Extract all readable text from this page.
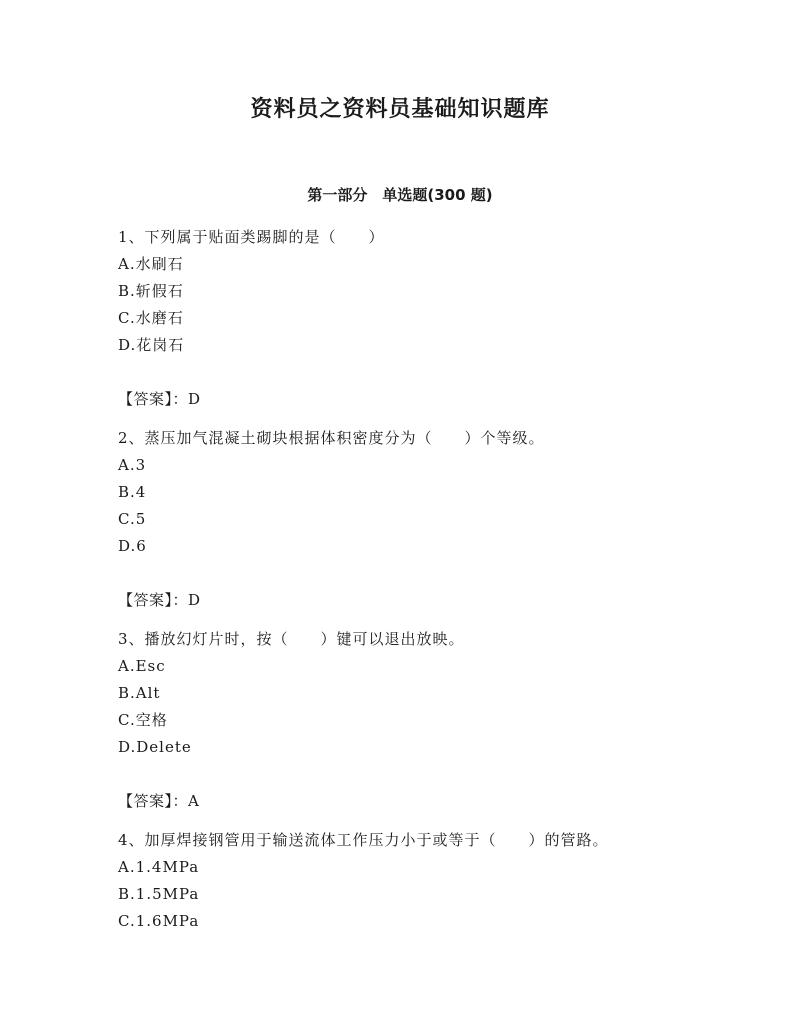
资料员之资料员基础知识题库
第一部分　单选题(300 题)
1、下列属于贴面类踢脚的是（　　）
A.水刷石
B.斩假石
C.水磨石
D.花岗石
【答案】：D
2、蒸压加气混凝土砌块根据体积密度分为（　　）个等级。
A.3
B.4
C.5
D.6
【答案】：D
3、播放幻灯片时，按（　　）键可以退出放映。
A.Esc
B.Alt
C.空格
D.Delete
【答案】：A
4、加厚焊接钢管用于输送流体工作压力小于或等于（　　）的管路。
A.1.4MPa
B.1.5MPa
C.1.6MPa
